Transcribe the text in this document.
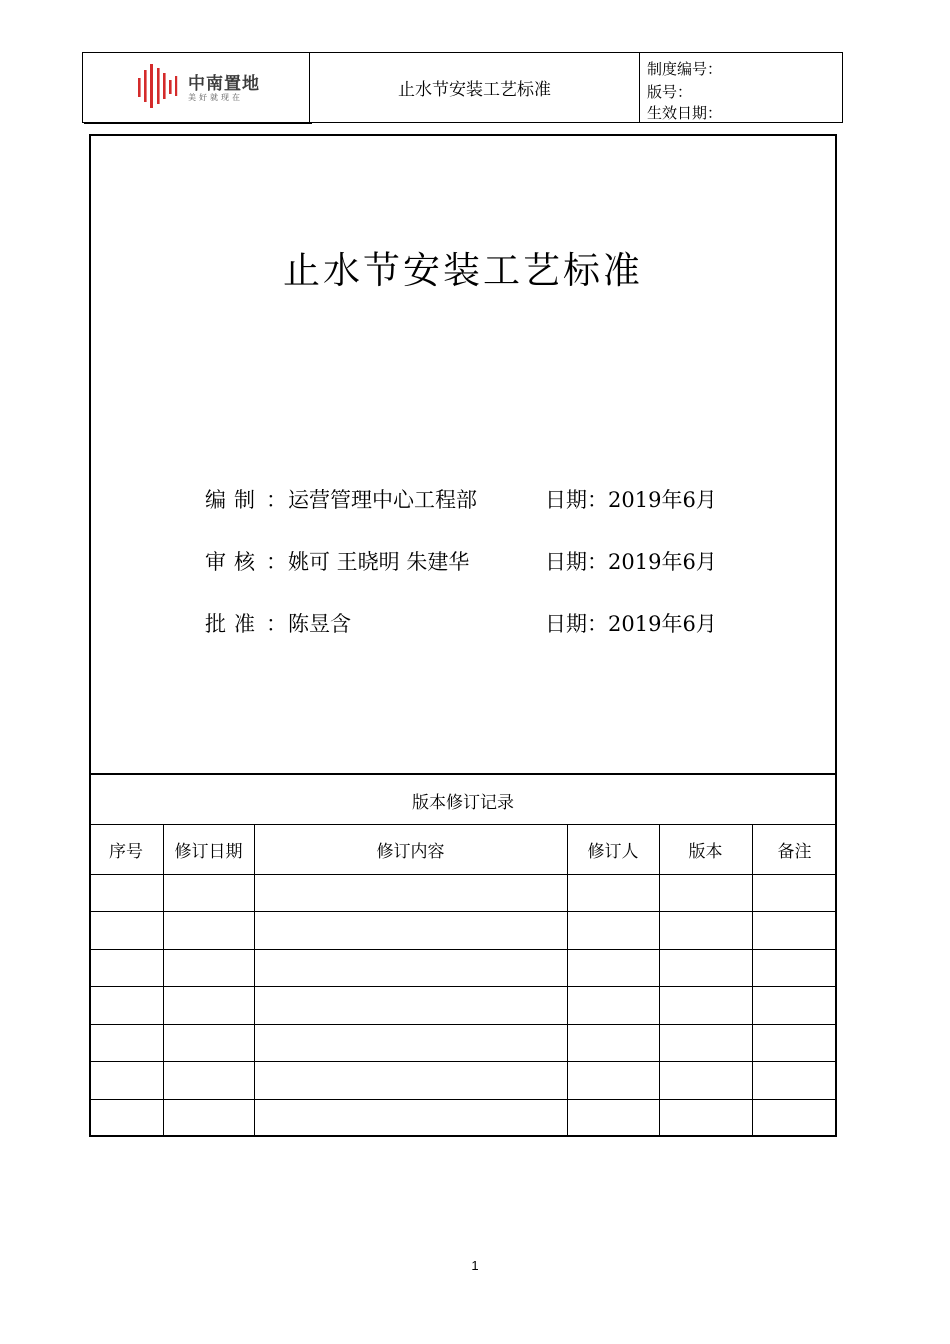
中南置地
美好就现在	止水节安装工艺标准
制度编号：
版号：
生效日期：
止水节安装工艺标准
编制 ： 运营管理中心工程部	日期：2019年6月
审核 ： 姚可 王晓明 朱建华	日期：2019年6月
批准 ： 陈昱含	日期：2019年6月
版本修订记录
序号	修订日期	修订内容	修订人	版本	备注
1
